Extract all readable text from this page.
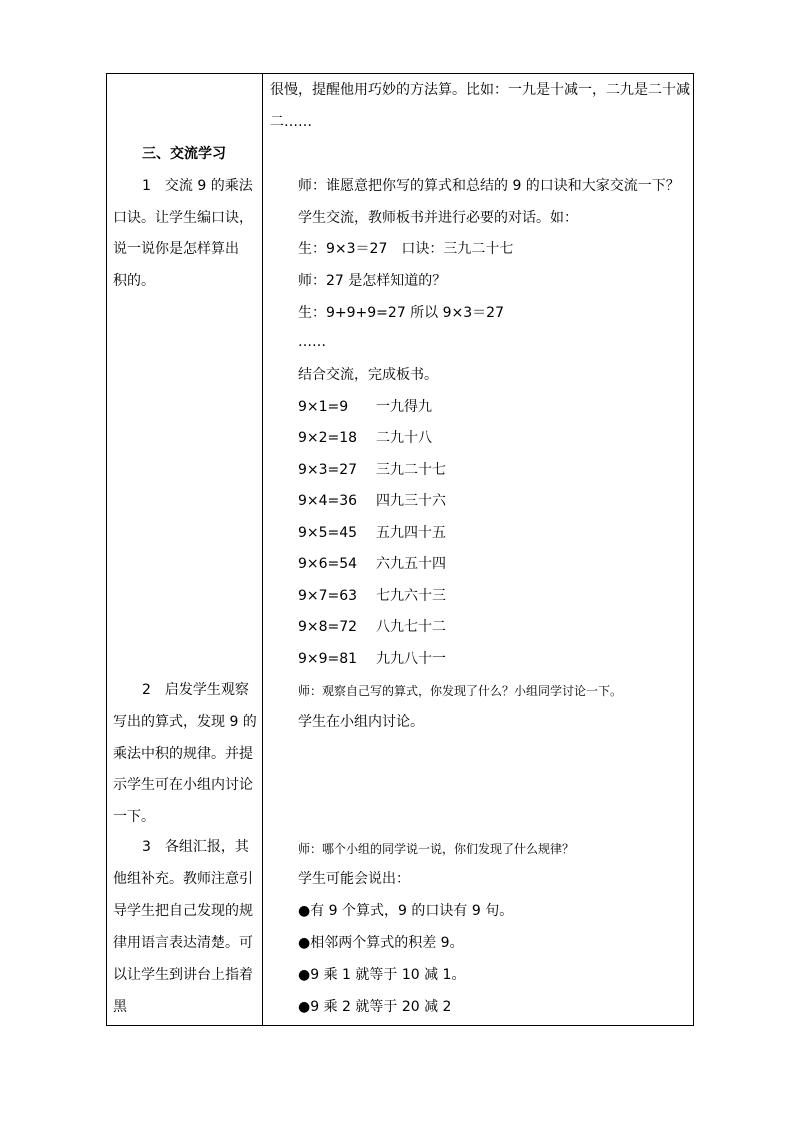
三、交流学习
1　交流 9 的乘法
口诀。让学生编口诀，
说一说你是怎样算出
积的。
2　启发学生观察
写出的算式，发现 9 的
乘法中积的规律。并提
示学生可在小组内讨论
一下。
3　各组汇报，其
他组补充。教师注意引
导学生把自己发现的规
律用语言表达清楚。可
以让学生到讲台上指着
黑
很慢，提醒他用巧妙的方法算。比如：一九是十减一，二九是二十减
二……
师：谁愿意把你写的算式和总结的 9 的口诀和大家交流一下？
学生交流，教师板书并进行必要的对话。如：
生：9×3＝27　口诀：三九二十七
师：27 是怎样知道的？
生：9+9+9=27 所以 9×3＝27
……
结合交流，完成板书。
9×1=9 一九得九
9×2=18 二九十八
9×3=27 三九二十七
9×4=36 四九三十六
9×5=45 五九四十五
9×6=54 六九五十四
9×7=63 七九六十三
9×8=72 八九七十二
9×9=81 九九八十一
师：观察自己写的算式，你发现了什么？小组同学讨论一下。
学生在小组内讨论。
师：哪个小组的同学说一说，你们发现了什么规律？
学生可能会说出：
●有 9 个算式，9 的口诀有 9 句。
●相邻两个算式的积差 9。
●9 乘 1 就等于 10 减 1。
●9 乘 2 就等于 20 减 2
